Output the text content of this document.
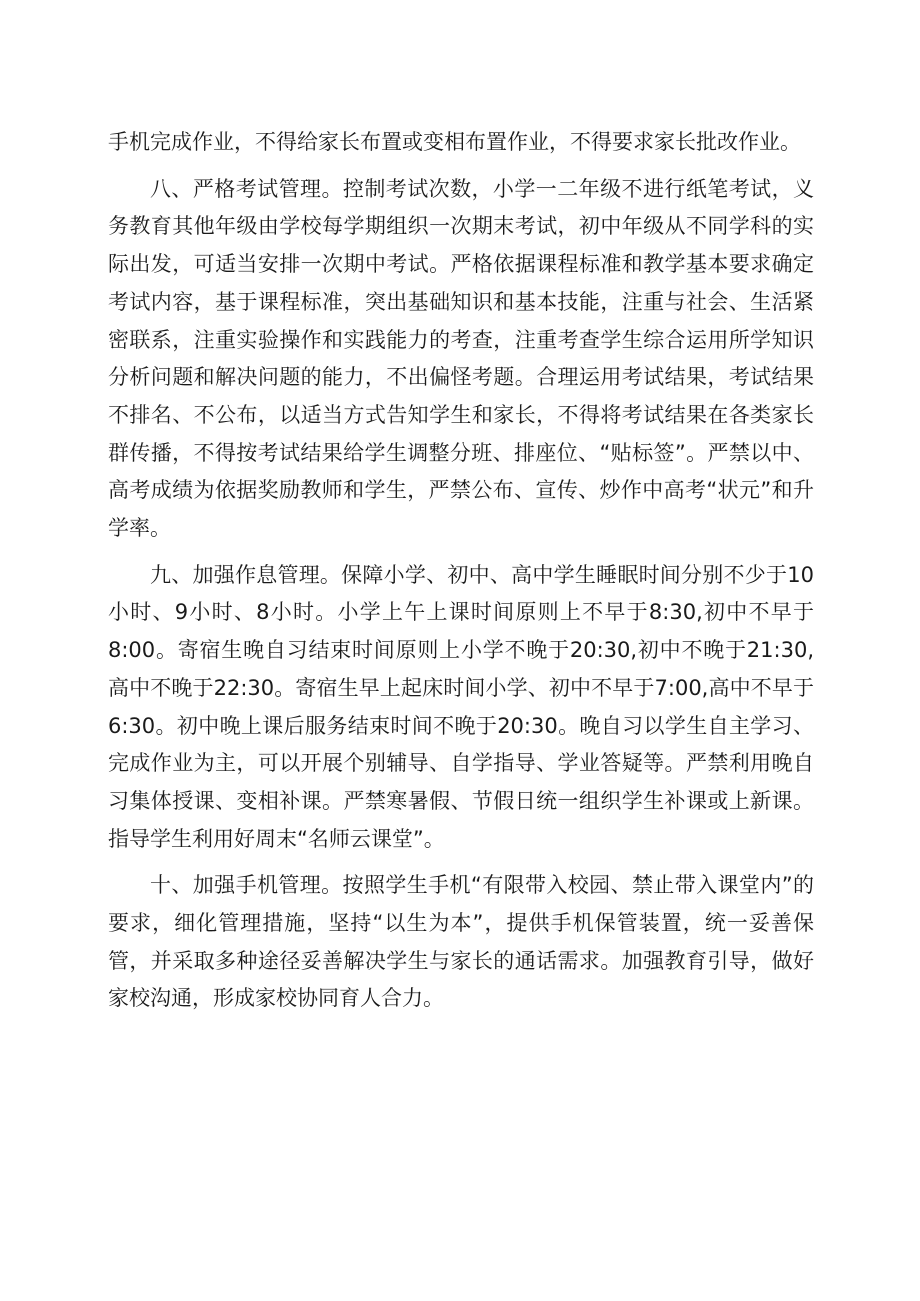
手机完成作业，不得给家长布置或变相布置作业，不得要求家长批改作业。

八、严格考试管理。控制考试次数，小学一二年级不进行纸笔考试，义务教育其他年级由学校每学期组织一次期末考试，初中年级从不同学科的实际出发，可适当安排一次期中考试。严格依据课程标准和教学基本要求确定考试内容，基于课程标准，突出基础知识和基本技能，注重与社会、生活紧密联系，注重实验操作和实践能力的考查，注重考查学生综合运用所学知识分析问题和解决问题的能力，不出偏怪考题。合理运用考试结果，考试结果不排名、不公布，以适当方式告知学生和家长，不得将考试结果在各类家长群传播，不得按考试结果给学生调整分班、排座位、“贴标签”。严禁以中、高考成绩为依据奖励教师和学生，严禁公布、宣传、炒作中高考“状元”和升学率。

九、加强作息管理。保障小学、初中、高中学生睡眠时间分别不少于10小时、9小时、8小时。小学上午上课时间原则上不早于8:30,初中不早于8:00。寄宿生晚自习结束时间原则上小学不晚于20:30,初中不晚于21:30,高中不晚于22:30。寄宿生早上起床时间小学、初中不早于7:00,高中不早于6:30。初中晚上课后服务结束时间不晚于20:30。晚自习以学生自主学习、完成作业为主，可以开展个别辅导、自学指导、学业答疑等。严禁利用晚自习集体授课、变相补课。严禁寒暑假、节假日统一组织学生补课或上新课。指导学生利用好周末“名师云课堂”。

十、加强手机管理。按照学生手机“有限带入校园、禁止带入课堂内”的要求，细化管理措施，坚持“以生为本”，提供手机保管装置，统一妥善保管，并采取多种途径妥善解决学生与家长的通话需求。加强教育引导，做好家校沟通，形成家校协同育人合力。
